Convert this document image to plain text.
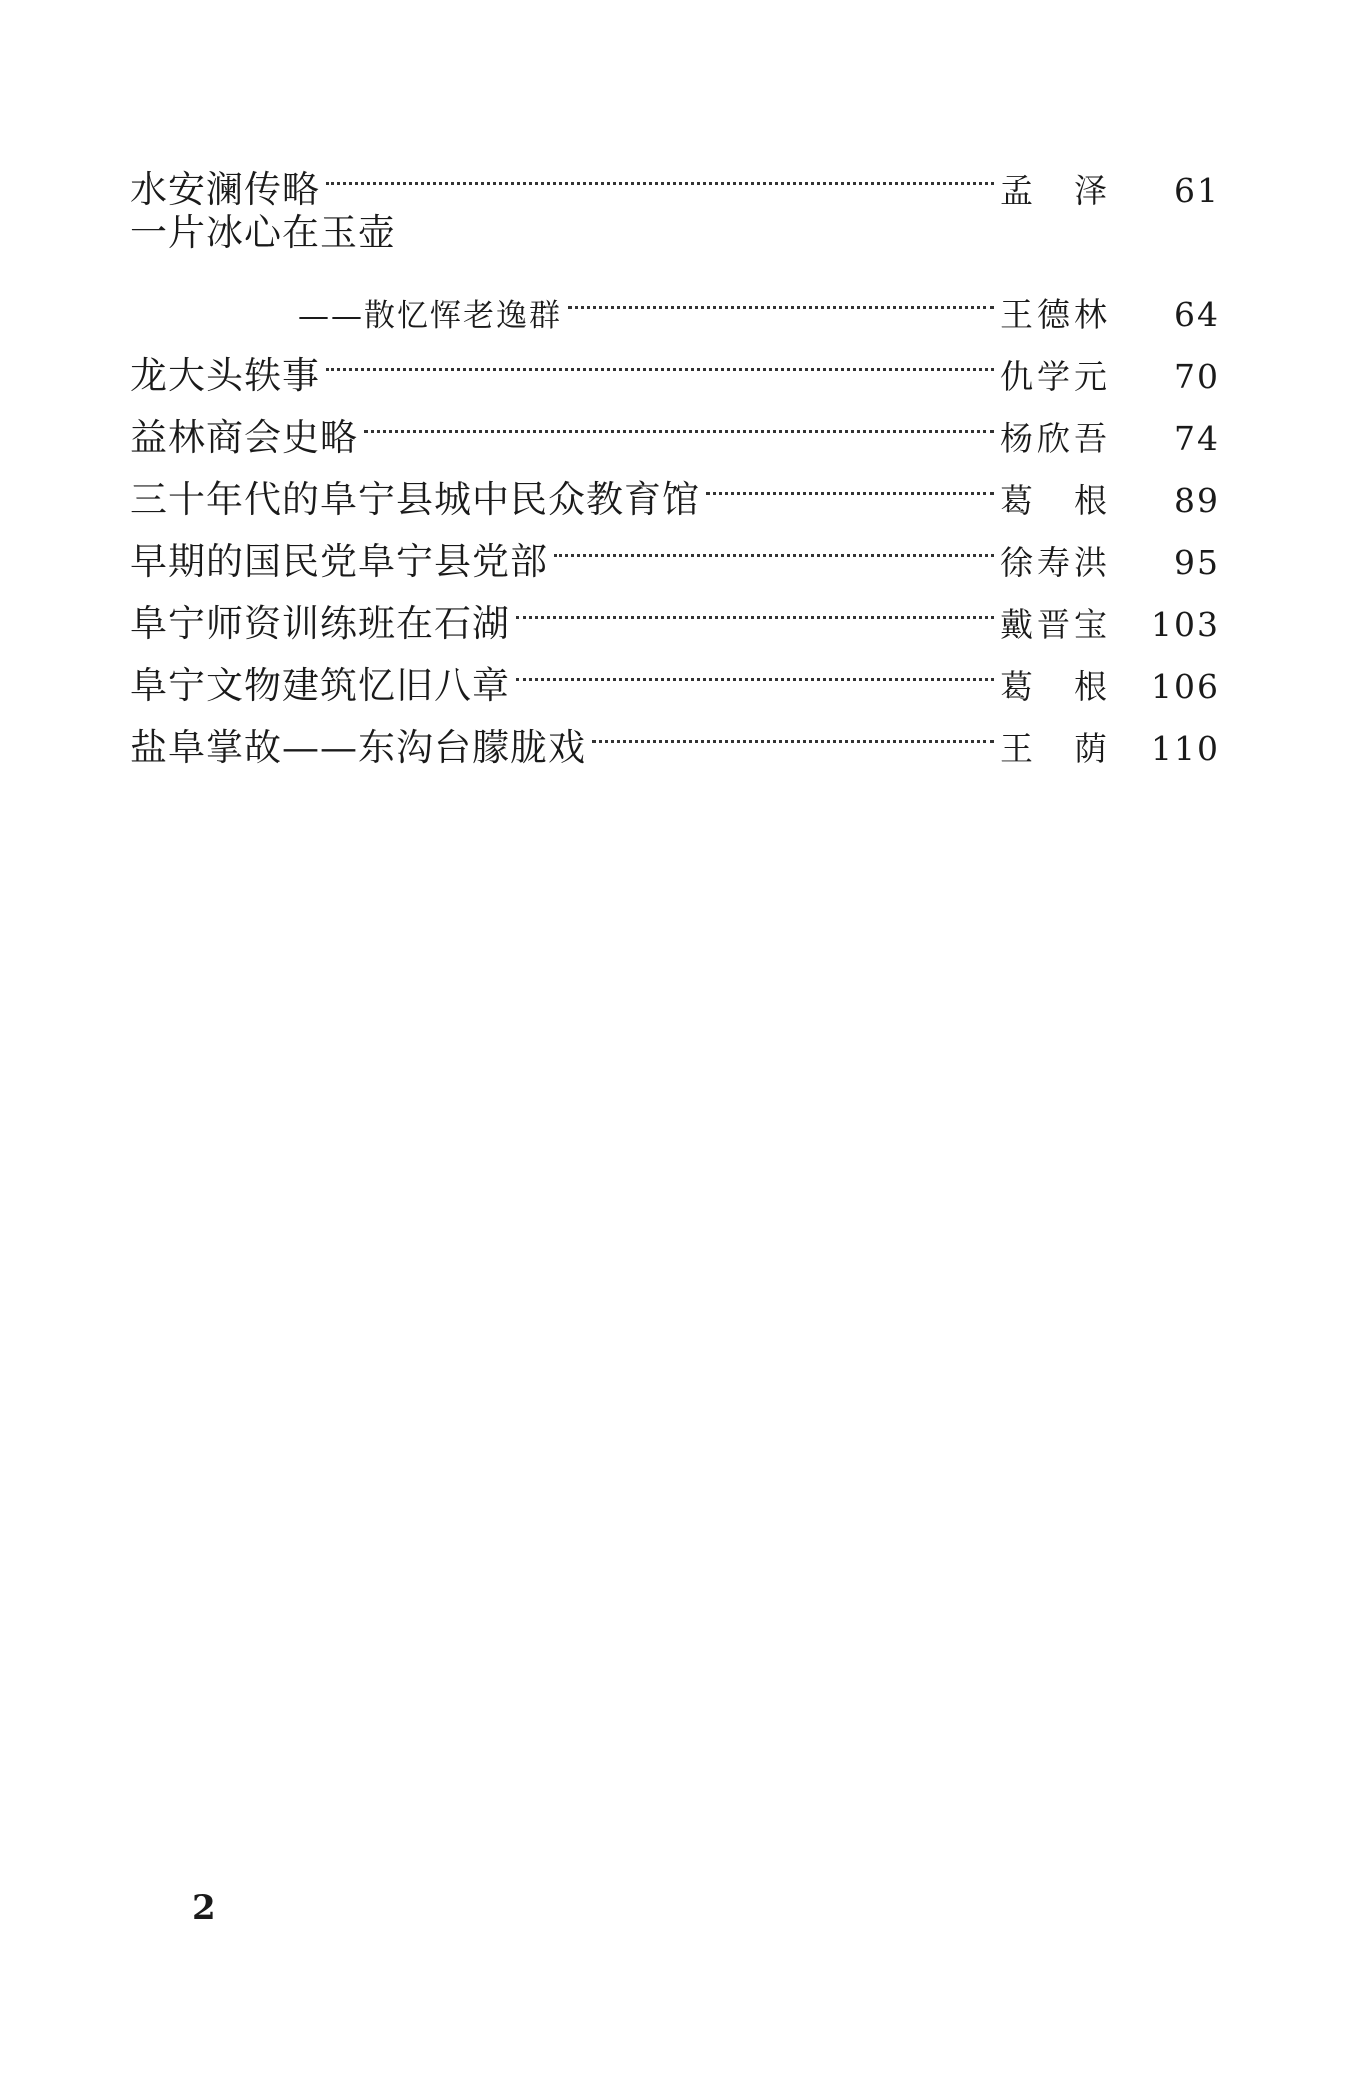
水安澜传略	孟　泽	61
一片冰心在玉壶
——散忆恽老逸群	王德林	64
龙大头轶事	仇学元	70
益林商会史略	杨欣吾	74
三十年代的阜宁县城中民众教育馆	葛　根	89
早期的国民党阜宁县党部	徐寿洪	95
阜宁师资训练班在石湖	戴晋宝	103
阜宁文物建筑忆旧八章	葛　根	106
盐阜掌故——东沟台朦胧戏	王　荫	110
2
